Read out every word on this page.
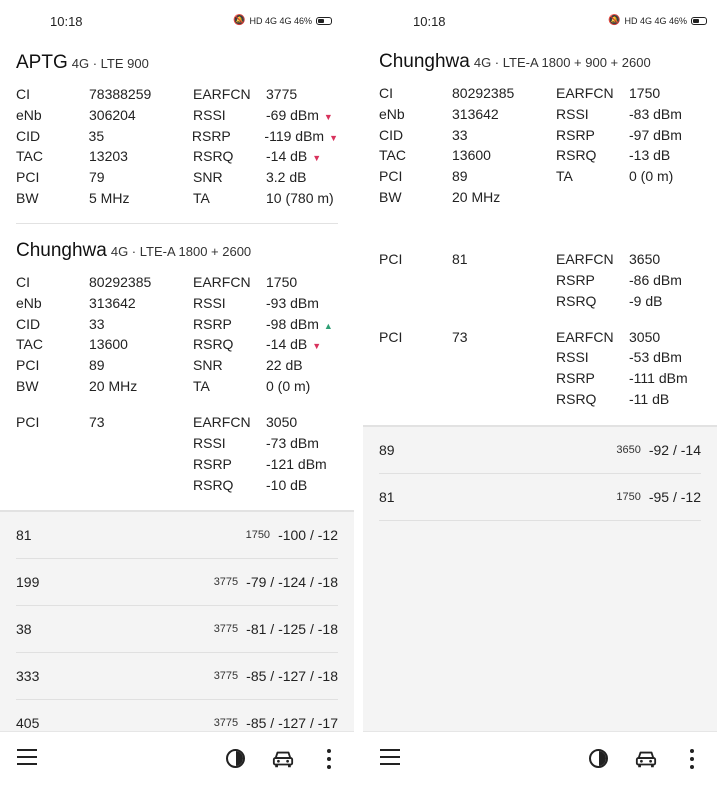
10:18	🔕 HD 4G 4G 46%
APTG 4G · LTE 900
CI	78388259	EARFCN	3775
eNb	306204	RSSI	-69 dBm ▼
CID	35	RSRP	-119 dBm ▼
TAC	13203	RSRQ	-14 dB ▼
PCI	79	SNR	3.2 dB
BW	5 MHz	TA	10 (780 m)
Chunghwa 4G · LTE-A 1800 + 2600
CI	80292385	EARFCN	1750
eNb	313642	RSSI	-93 dBm
CID	33	RSRP	-98 dBm ▲
TAC	13600	RSRQ	-14 dB ▼
PCI	89	SNR	22 dB
BW	20 MHz	TA	0 (0 m)
PCI	73	EARFCN	3050
RSSI	-73 dBm
RSRP	-121 dBm
RSRQ	-10 dB
81	1750 -100 / -12
199	3775 -79 / -124 / -18
38	3775 -81 / -125 / -18
333	3775 -85 / -127 / -18
405	3775 -85 / -127 / -17
10:18	🔕 HD 4G 4G 46%
Chunghwa 4G · LTE-A 1800 + 900 + 2600
CI	80292385	EARFCN	1750
eNb	313642	RSSI	-83 dBm
CID	33	RSRP	-97 dBm
TAC	13600	RSRQ	-13 dB
PCI	89	TA	0 (0 m)
BW	20 MHz
PCI	81	EARFCN	3650
RSRP	-86 dBm
RSRQ	-9 dB
PCI	73	EARFCN	3050
RSSI	-53 dBm
RSRP	-111 dBm
RSRQ	-11 dB
89	3650 -92 / -14
81	1750 -95 / -12
